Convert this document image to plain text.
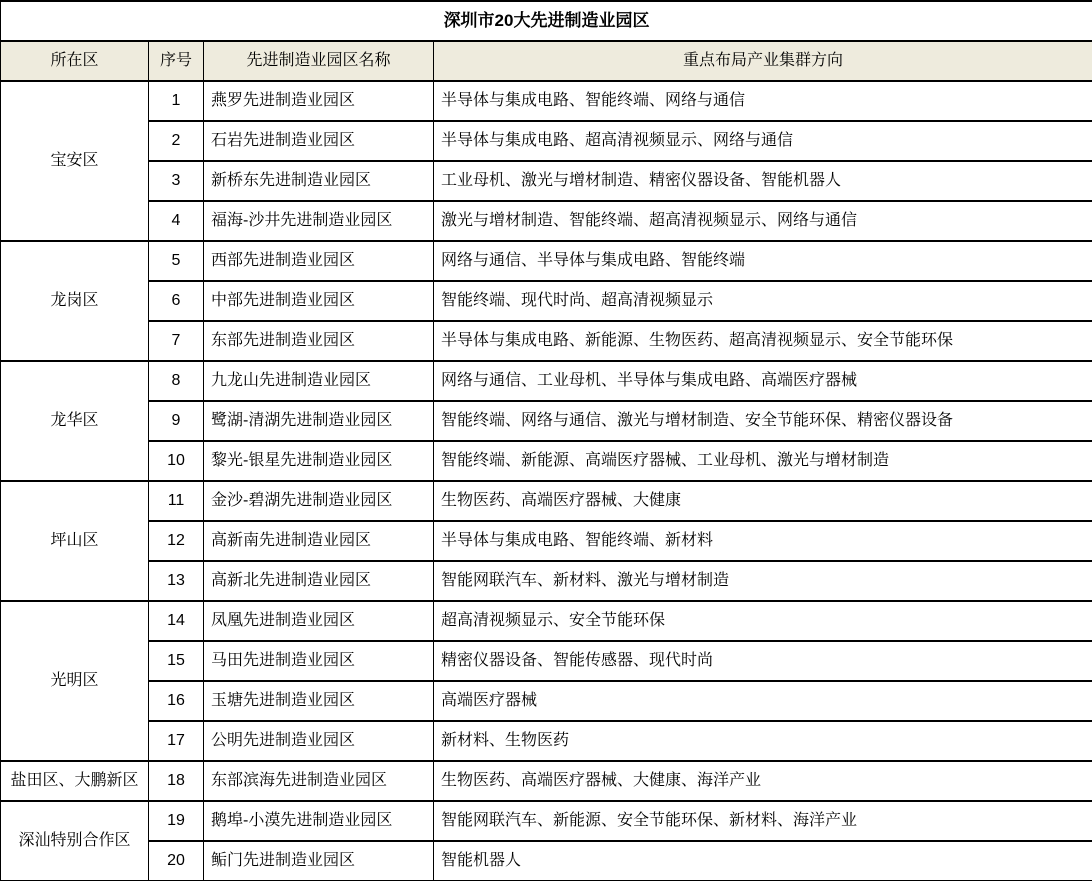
深圳市20大先进制造业园区			
所在区	序号	先进制造业园区名称	重点布局产业集群方向
宝安区	1	燕罗先进制造业园区	半导体与集成电路、智能终端、网络与通信
	2	石岩先进制造业园区	半导体与集成电路、超高清视频显示、网络与通信
	3	新桥东先进制造业园区	工业母机、激光与增材制造、精密仪器设备、智能机器人
	4	福海-沙井先进制造业园区	激光与增材制造、智能终端、超高清视频显示、网络与通信
龙岗区	5	西部先进制造业园区	网络与通信、半导体与集成电路、智能终端
	6	中部先进制造业园区	智能终端、现代时尚、超高清视频显示
	7	东部先进制造业园区	半导体与集成电路、新能源、生物医药、超高清视频显示、安全节能环保
龙华区	8	九龙山先进制造业园区	网络与通信、工业母机、半导体与集成电路、高端医疗器械
	9	鹭湖-清湖先进制造业园区	智能终端、网络与通信、激光与增材制造、安全节能环保、精密仪器设备
	10	黎光-银星先进制造业园区	智能终端、新能源、高端医疗器械、工业母机、激光与增材制造
坪山区	11	金沙-碧湖先进制造业园区	生物医药、高端医疗器械、大健康
	12	高新南先进制造业园区	半导体与集成电路、智能终端、新材料
	13	高新北先进制造业园区	智能网联汽车、新材料、激光与增材制造
光明区	14	凤凰先进制造业园区	超高清视频显示、安全节能环保
	15	马田先进制造业园区	精密仪器设备、智能传感器、现代时尚
	16	玉塘先进制造业园区	高端医疗器械
	17	公明先进制造业园区	新材料、生物医药
盐田区、大鹏新区	18	东部滨海先进制造业园区	生物医药、高端医疗器械、大健康、海洋产业
深汕特别合作区	19	鹅埠-小漠先进制造业园区	智能网联汽车、新能源、安全节能环保、新材料、海洋产业
	20	鲘门先进制造业园区	智能机器人
